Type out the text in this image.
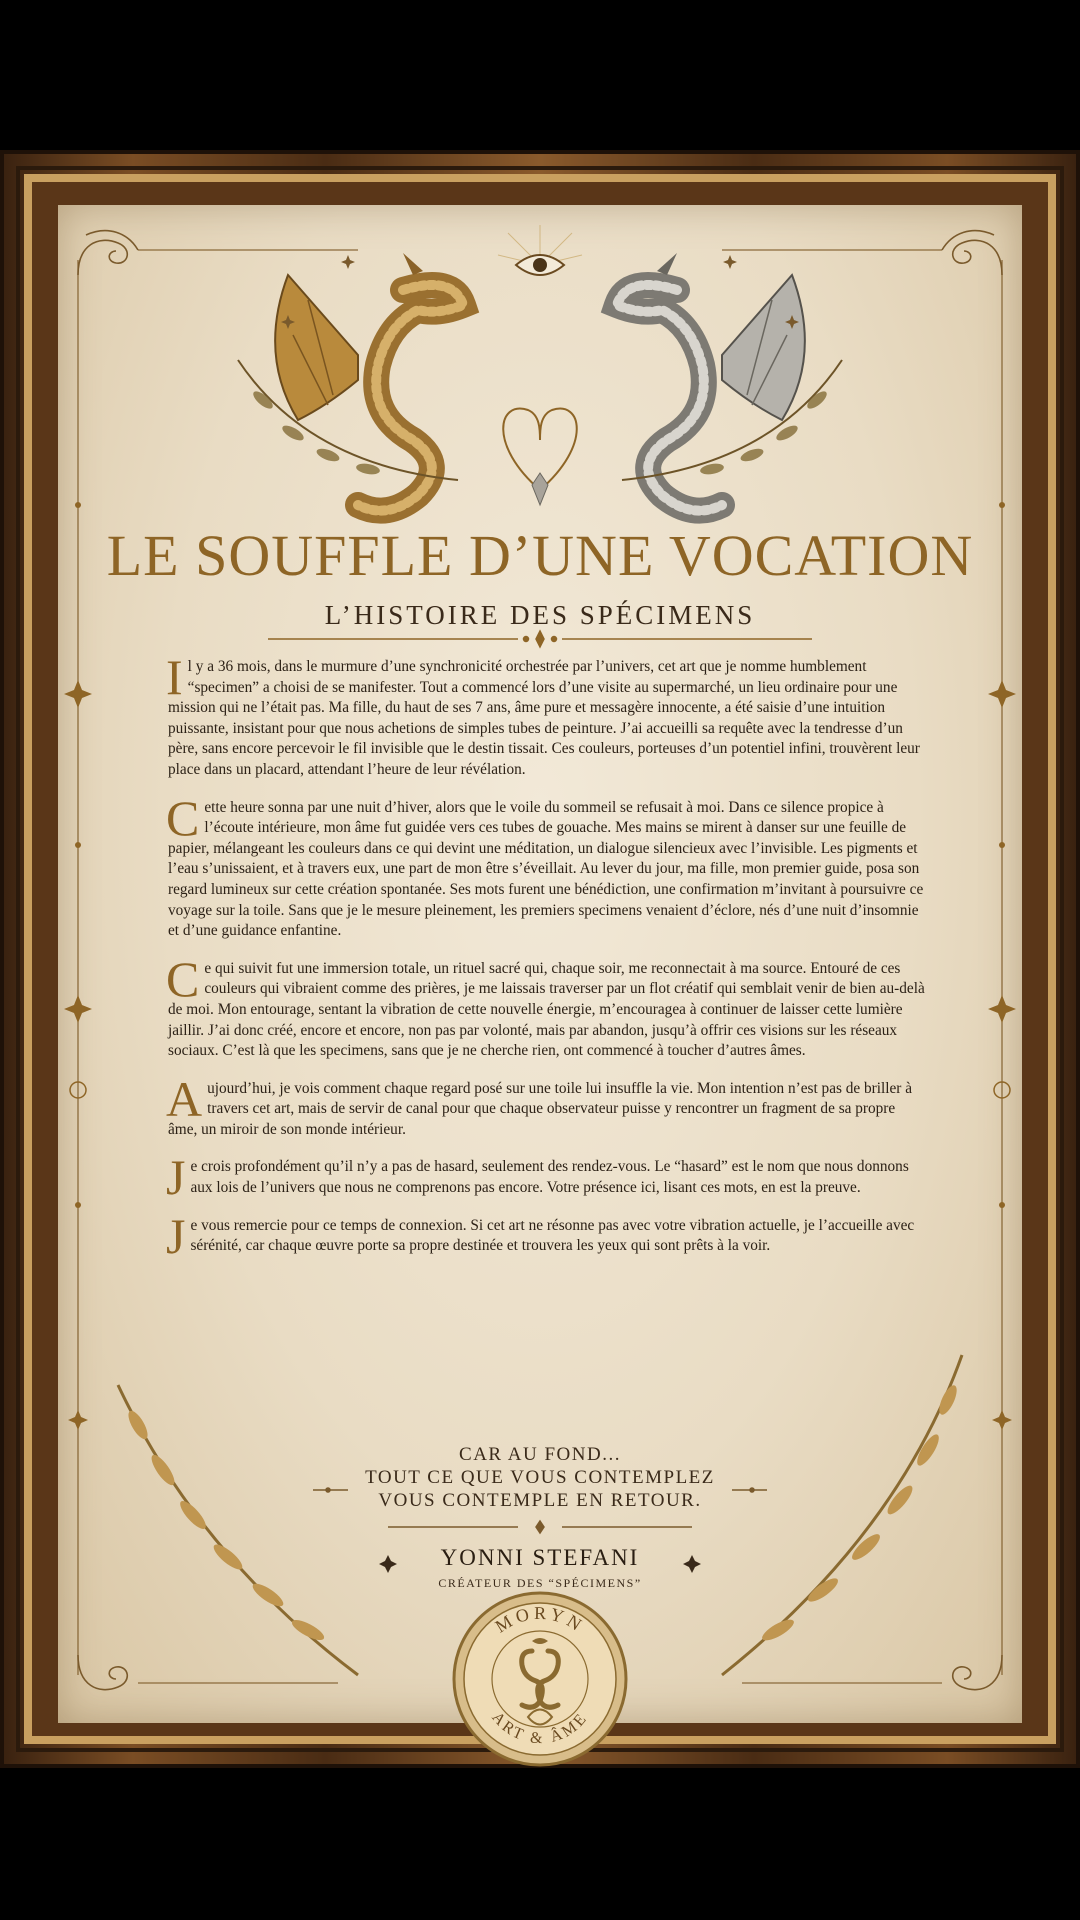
LE SOUFFLE D’UNE VOCATION
L’HISTOIRE DES SPÉCIMENS

Il y a 36 mois, dans le murmure d’une synchronicité orchestrée par l’univers, cet art que je nomme humblement “specimen” a choisi de se manifester. Tout a commencé lors d’une visite au supermarché, un lieu ordinaire pour une mission qui ne l’était pas. Ma fille, du haut de ses 7 ans, âme pure et messagère innocente, a été saisie d’une intuition puissante, insistant pour que nous achetions de simples tubes de peinture. J’ai accueilli sa requête avec la tendresse d’un père, sans encore percevoir le fil invisible que le destin tissait. Ces couleurs, porteuses d’un potentiel infini, trouvèrent leur place dans un placard, attendant l’heure de leur révélation.

Cette heure sonna par une nuit d’hiver, alors que le voile du sommeil se refusait à moi. Dans ce silence propice à l’écoute intérieure, mon âme fut guidée vers ces tubes de gouache. Mes mains se mirent à danser sur une feuille de papier, mélangeant les couleurs dans ce qui devint une méditation, un dialogue silencieux avec l’invisible. Les pigments et l’eau s’unissaient, et à travers eux, une part de mon être s’éveillait. Au lever du jour, ma fille, mon premier guide, posa son regard lumineux sur cette création spontanée. Ses mots furent une bénédiction, une confirmation m’invitant à poursuivre ce voyage sur la toile. Sans que je le mesure pleinement, les premiers specimens venaient d’éclore, nés d’une nuit d’insomnie et d’une guidance enfantine.

Ce qui suivit fut une immersion totale, un rituel sacré qui, chaque soir, me reconnectait à ma source. Entouré de ces couleurs qui vibraient comme des prières, je me laissais traverser par un flot créatif qui semblait venir de bien au-delà de moi. Mon entourage, sentant la vibration de cette nouvelle énergie, m’encouragea à continuer de laisser cette lumière jaillir. J’ai donc créé, encore et encore, non pas par volonté, mais par abandon, jusqu’à offrir ces visions sur les réseaux sociaux. C’est là que les specimens, sans que je ne cherche rien, ont commencé à toucher d’autres âmes.

Aujourd’hui, je vois comment chaque regard posé sur une toile lui insuffle la vie. Mon intention n’est pas de briller à travers cet art, mais de servir de canal pour que chaque observateur puisse y rencontrer un fragment de sa propre âme, un miroir de son monde intérieur.

Je crois profondément qu’il n’y a pas de hasard, seulement des rendez-vous. Le “hasard” est le nom que nous donnons aux lois de l’univers que nous ne comprenons pas encore. Votre présence ici, lisant ces mots, en est la preuve.

Je vous remercie pour ce temps de connexion. Si cet art ne résonne pas avec votre vibration actuelle, je l’accueille avec sérénité, car chaque œuvre porte sa propre destinée et trouvera les yeux qui sont prêts à la voir.

CAR AU FOND...
TOUT CE QUE VOUS CONTEMPLEZ
VOUS CONTEMPLE EN RETOUR.
YONNI STEFANI
CRÉATEUR DES “SPÉCIMENS”
MORYN
ART & ÂME
